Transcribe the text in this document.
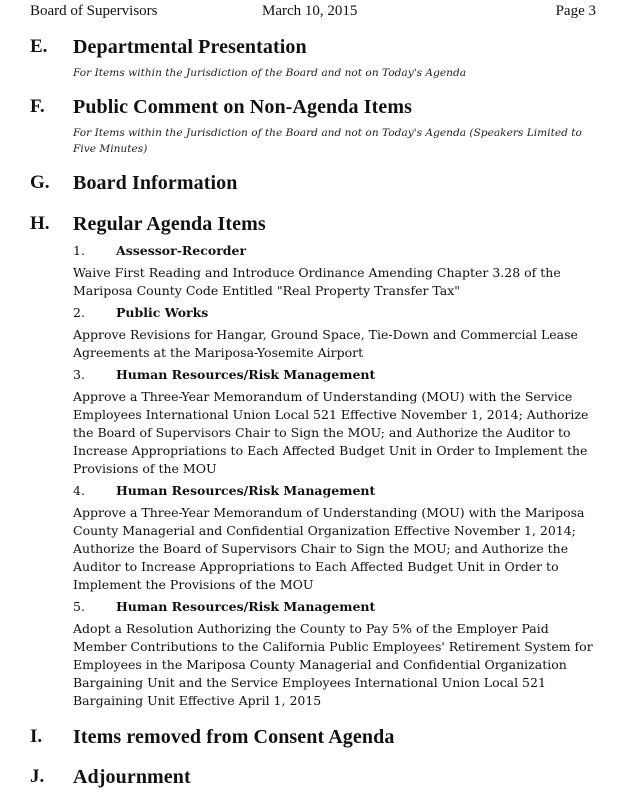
Board of Supervisors	March 10, 2015	Page 3
E. Departmental Presentation
For Items within the Jurisdiction of the Board and not on Today's Agenda
F. Public Comment on Non-Agenda Items
For Items within the Jurisdiction of the Board and not on Today's Agenda (Speakers Limited to Five Minutes)
G. Board Information
H. Regular Agenda Items
1. Assessor-Recorder
Waive First Reading and Introduce Ordinance Amending Chapter 3.28 of the Mariposa County Code Entitled "Real Property Transfer Tax"
2. Public Works
Approve Revisions for Hangar, Ground Space, Tie-Down and Commercial Lease Agreements at the Mariposa-Yosemite Airport
3. Human Resources/Risk Management
Approve a Three-Year Memorandum of Understanding (MOU) with the Service Employees International Union Local 521 Effective November 1, 2014; Authorize the Board of Supervisors Chair to Sign the MOU; and Authorize the Auditor to Increase Appropriations to Each Affected Budget Unit in Order to Implement the Provisions of the MOU
4. Human Resources/Risk Management
Approve a Three-Year Memorandum of Understanding (MOU) with the Mariposa County Managerial and Confidential Organization Effective November 1, 2014; Authorize the Board of Supervisors Chair to Sign the MOU; and Authorize the Auditor to Increase Appropriations to Each Affected Budget Unit in Order to Implement the Provisions of the MOU
5. Human Resources/Risk Management
Adopt a Resolution Authorizing the County to Pay 5% of the Employer Paid Member Contributions to the California Public Employees' Retirement System for Employees in the Mariposa County Managerial and Confidential Organization Bargaining Unit and the Service Employees International Union Local 521 Bargaining Unit Effective April 1, 2015
I. Items removed from Consent Agenda
J. Adjournment
